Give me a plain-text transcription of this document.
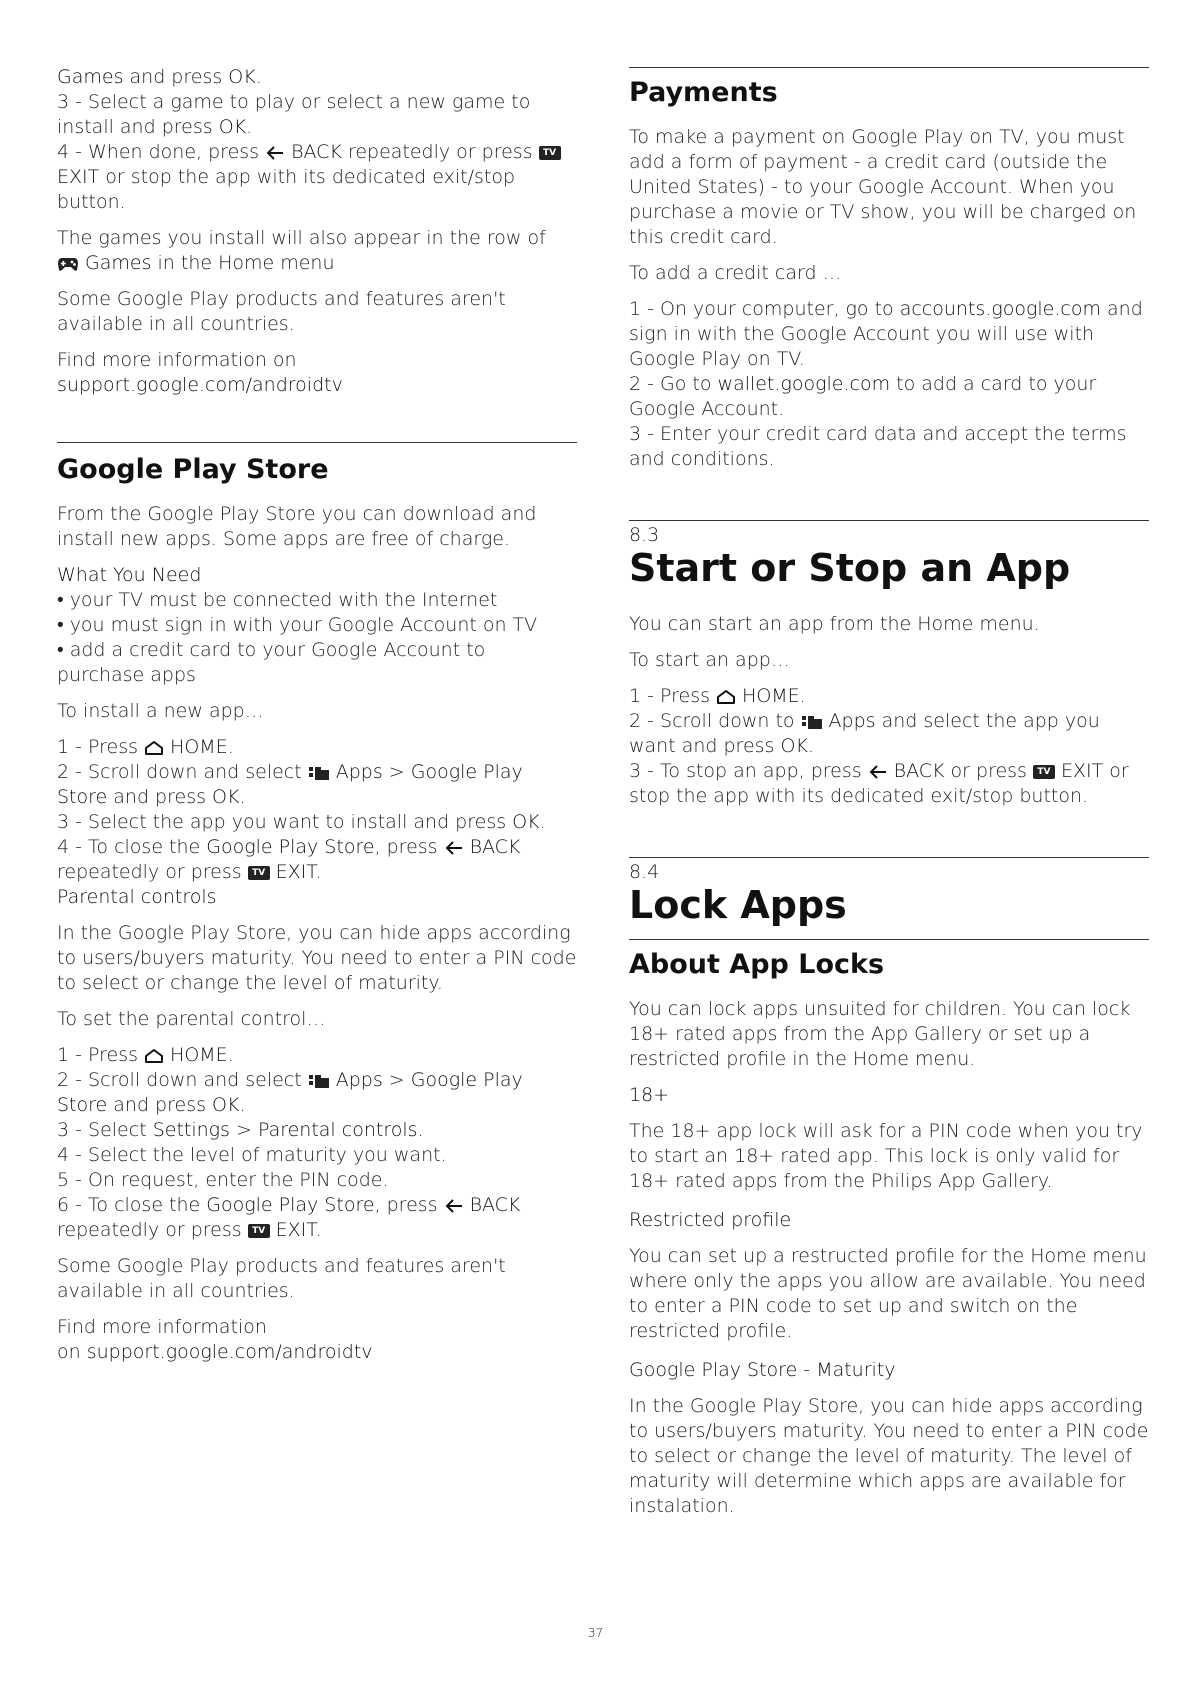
Games and press OK.

3 - Select a game to play or select a new game to install and press OK.

4 - When done, press BACK repeatedly or press TVEXIT or stop the app with its dedicated exit/stop button.

The games you install will also appear in the row of

Games in the Home menu

Some Google Play products and features aren't available in all countries.

Find more information on
support.google.com/androidtv

Google Play Store

From the Google Play Store you can download and install new apps. Some apps are free of charge.

What You Need

• your TV must be connected with the Internet

• you must sign in with your Google Account on TV

• add a credit card to your Google Account to purchase apps

To install a new app…

1 - Press HOME.

2 - Scroll down and select Apps > Google Play Store and press OK.

3 - Select the app you want to install and press OK.

4 - To close the Google Play Store, press BACK repeatedly or press TV EXIT.

Parental controls

In the Google Play Store, you can hide apps according to users/buyers maturity. You need to enter a PIN code to select or change the level of maturity.

To set the parental control…

1 - Press HOME.

2 - Scroll down and select Apps > Google Play Store and press OK.

3 - Select Settings > Parental controls.

4 - Select the level of maturity you want.

5 - On request, enter the PIN code.

6 - To close the Google Play Store, press BACK repeatedly or press TV EXIT.

Some Google Play products and features aren't available in all countries.

Find more information
on support.google.com/androidtv

Payments

To make a payment on Google Play on TV, you must add a form of payment - a credit card (outside the United States) - to your Google Account. When you purchase a movie or TV show, you will be charged on this credit card.

To add a credit card …

1 - On your computer, go to accounts.google.com and sign in with the Google Account you will use with Google Play on TV.

2 - Go to wallet.google.com to add a card to your Google Account.

3 - Enter your credit card data and accept the terms and conditions.

8.3
Start or Stop an App

You can start an app from the Home menu.

To start an app…

1 - Press HOME.

2 - Scroll down to Apps and select the app you want and press OK.

3 - To stop an app, press BACK or press TV EXIT or stop the app with its dedicated exit/stop button.

8.4
Lock Apps
About App Locks

You can lock apps unsuited for children. You can lock 18+ rated apps from the App Gallery or set up a restricted profile in the Home menu.

18+

The 18+ app lock will ask for a PIN code when you try to start an 18+ rated app. This lock is only valid for 18+ rated apps from the Philips App Gallery.

Restricted profile

You can set up a restructed profile for the Home menu where only the apps you allow are available. You need to enter a PIN code to set up and switch on the restricted profile.

Google Play Store - Maturity

In the Google Play Store, you can hide apps according to users/buyers maturity. You need to enter a PIN code to select or change the level of maturity. The level of maturity will determine which apps are available for instalation.

37
